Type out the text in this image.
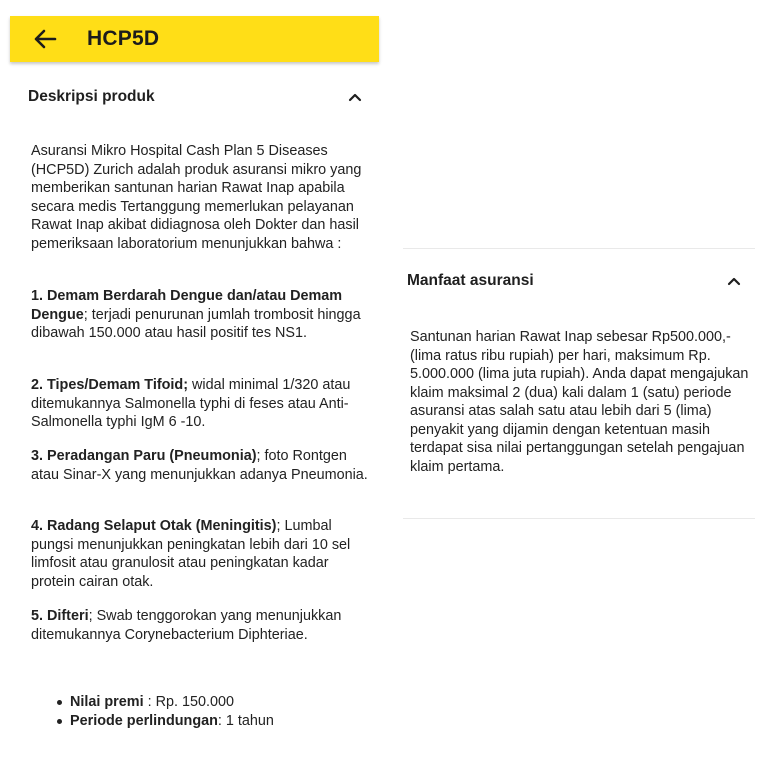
HCP5D
Deskripsi produk

Asuransi Mikro Hospital Cash Plan 5 Diseases (HCP5D) Zurich adalah produk asuransi mikro yang memberikan santunan harian Rawat Inap apabila secara medis Tertanggung memerlukan pelayanan Rawat Inap akibat didiagnosa oleh Dokter dan hasil pemeriksaan laboratorium menunjukkan bahwa :

1. Demam Berdarah Dengue dan/atau Demam Dengue; terjadi penurunan jumlah trombosit hingga dibawah 150.000 atau hasil positif tes NS1.
2. Tipes/Demam Tifoid; widal minimal 1/320 atau ditemukannya Salmonella typhi di feses atau Anti-Salmonella typhi IgM 6 -10.
3. Peradangan Paru (Pneumonia); foto Rontgen atau Sinar-X yang menunjukkan adanya Pneumonia.
4. Radang Selaput Otak (Meningitis); Lumbal pungsi menunjukkan peningkatan lebih dari 10 sel limfosit atau granulosit atau peningkatan kadar protein cairan otak.
5. Difteri; Swab tenggorokan yang menunjukkan ditemukannya Corynebacterium Diphteriae.
Nilai premi : Rp. 150.000
Periode perlindungan: 1 tahun
Manfaat asuransi

Santunan harian Rawat Inap sebesar Rp500.000,- (lima ratus ribu rupiah) per hari, maksimum Rp. 5.000.000 (lima juta rupiah). Anda dapat mengajukan klaim maksimal 2 (dua) kali dalam 1 (satu) periode asuransi atas salah satu atau lebih dari 5 (lima) penyakit yang dijamin dengan ketentuan masih terdapat sisa nilai pertanggungan setelah pengajuan klaim pertama.
